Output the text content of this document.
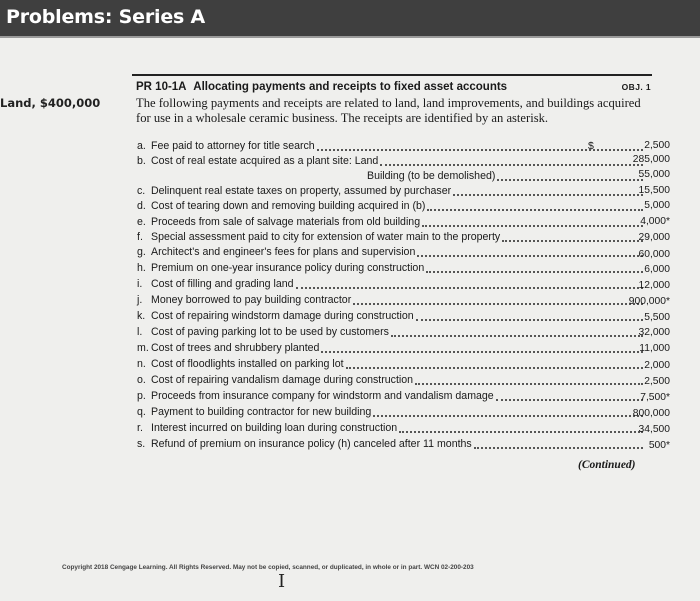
Problems: Series A
Land, $400,000
PR 10-1A Allocating payments and receipts to fixed asset accounts	OBJ. 1
The following payments and receipts are related to land, land improvements, and buildings acquired for use in a wholesale ceramic business. The receipts are identified by an asterisk.
$
a. Fee paid to attorney for title search	2,500
b. Cost of real estate acquired as a plant site: Land	285,000
Building (to be demolished)	55,000
c. Delinquent real estate taxes on property, assumed by purchaser	15,500
d. Cost of tearing down and removing building acquired in (b)	5,000
e. Proceeds from sale of salvage materials from old building	4,000*
f. Special assessment paid to city for extension of water main to the property	29,000
g. Architect's and engineer's fees for plans and supervision	60,000
h. Premium on one-year insurance policy during construction	6,000
i. Cost of filling and grading land	12,000
j. Money borrowed to pay building contractor	900,000*
k. Cost of repairing windstorm damage during construction	5,500
l. Cost of paving parking lot to be used by customers	32,000
m. Cost of trees and shrubbery planted	11,000
n. Cost of floodlights installed on parking lot	2,000
o. Cost of repairing vandalism damage during construction	2,500
p. Proceeds from insurance company for windstorm and vandalism damage	7,500*
q. Payment to building contractor for new building	800,000
r. Interest incurred on building loan during construction	34,500
s. Refund of premium on insurance policy (h) canceled after 11 months	500*
(Continued)
Copyright 2018 Cengage Learning. All Rights Reserved. May not be copied, scanned, or duplicated, in whole or in part. WCN 02-200-203
I
